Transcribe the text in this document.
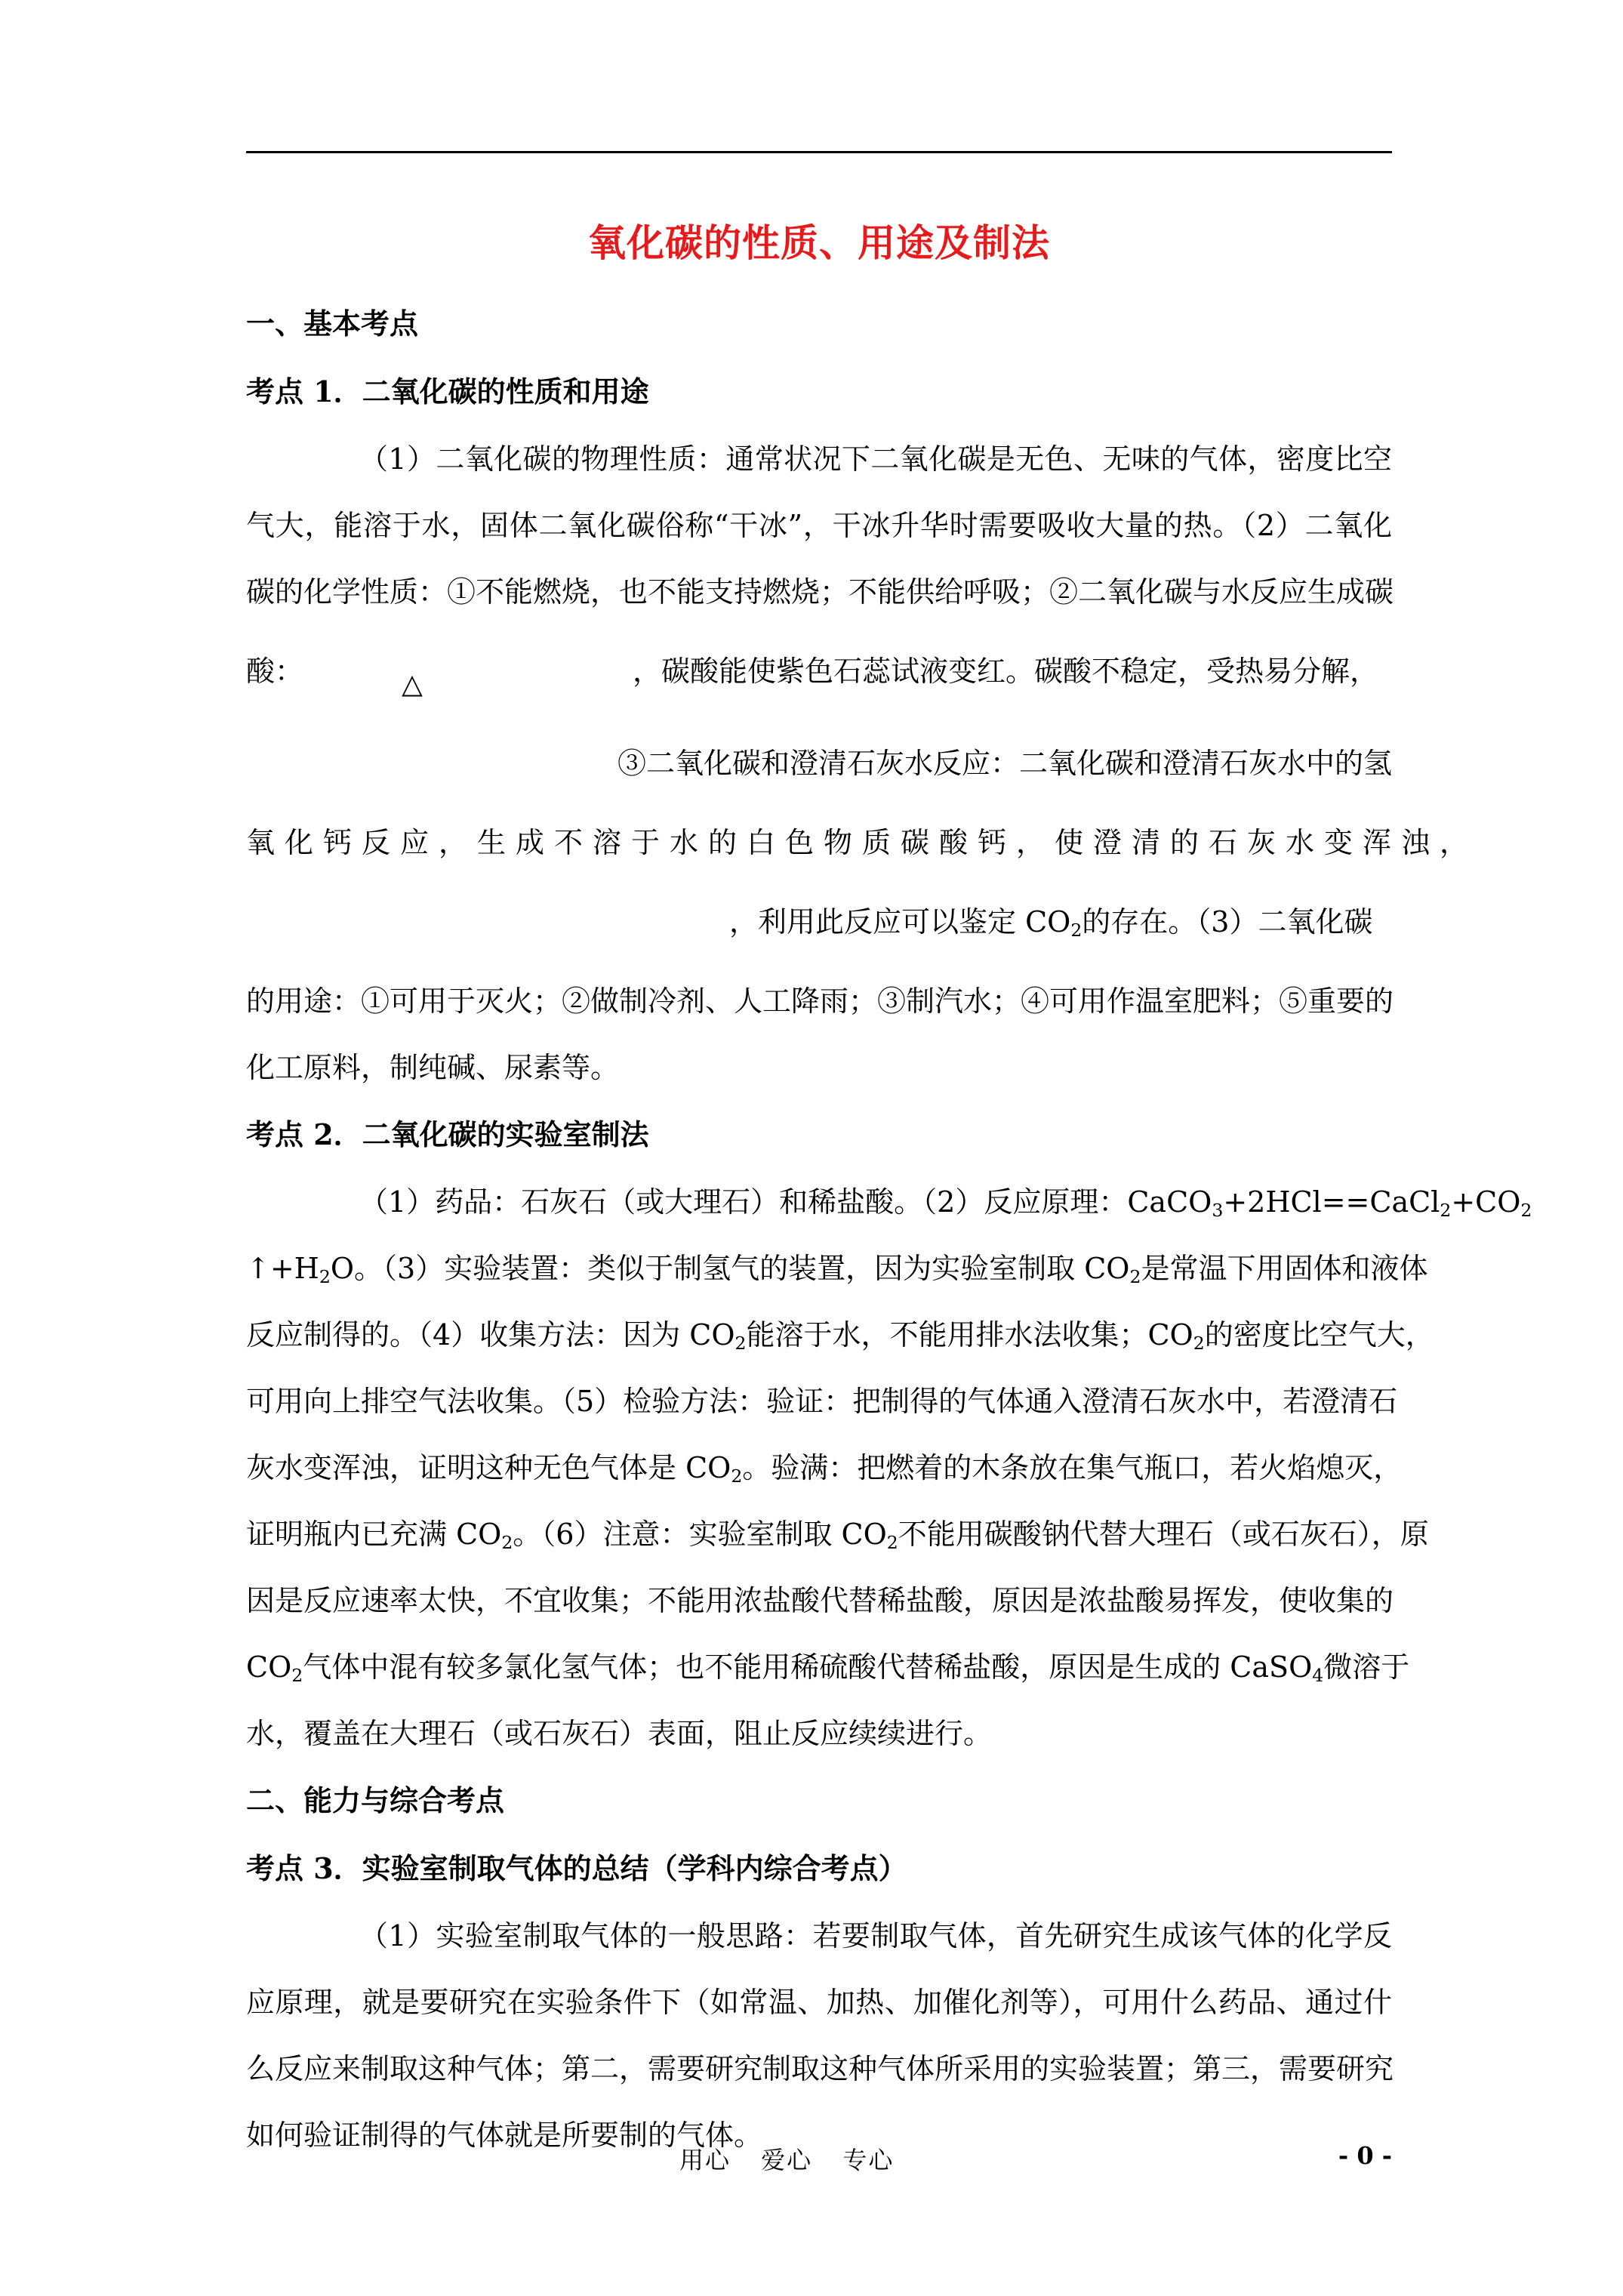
氧化碳的性质、用途及制法
一、基本考点
考点 1．二氧化碳的性质和用途
（1）二氧化碳的物理性质：通常状况下二氧化碳是无色、无味的气体，密度比空
气大，能溶于水，固体二氧化碳俗称“干冰”，干冰升华时需要吸收大量的热。（2）二氧化
碳的化学性质：①不能燃烧，也不能支持燃烧；不能供给呼吸；②二氧化碳与水反应生成碳
酸：	△	，碳酸能使紫色石蕊试液变红。碳酸不稳定，受热易分解，
③二氧化碳和澄清石灰水反应：二氧化碳和澄清石灰水中的氢
氧化钙反应，生成不溶于水的白色物质碳酸钙，使澄清的石灰水变浑浊，
，利用此反应可以鉴定 $CO_2$的存在。（3）二氧化碳
的用途：①可用于灭火；②做制冷剂、人工降雨；③制汽水；④可用作温室肥料；⑤重要的
化工原料，制纯碱、尿素等。
考点 2．二氧化碳的实验室制法
（1）药品：石灰石（或大理石）和稀盐酸。（2）反应原理：$CaCO_3+2HCl==CaCl_2+CO_2$
$↑+H_2O$。（3）实验装置：类似于制氢气的装置，因为实验室制取 $CO_2$是常温下用固体和液体
反应制得的。（4）收集方法：因为 $CO_2$能溶于水，不能用排水法收集；$CO_2$的密度比空气大，
可用向上排空气法收集。（5）检验方法：验证：把制得的气体通入澄清石灰水中，若澄清石
灰水变浑浊，证明这种无色气体是 $CO_2$。验满：把燃着的木条放在集气瓶口，若火焰熄灭，
证明瓶内已充满 $CO_2$。（6）注意：实验室制取 $CO_2$不能用碳酸钠代替大理石（或石灰石），原
因是反应速率太快，不宜收集；不能用浓盐酸代替稀盐酸，原因是浓盐酸易挥发，使收集的
$CO_2$气体中混有较多氯化氢气体；也不能用稀硫酸代替稀盐酸，原因是生成的 CaSO$_4$微溶于
水，覆盖在大理石（或石灰石）表面，阻止反应续续进行。
二、能力与综合考点
考点 3．实验室制取气体的总结（学科内综合考点）
（1）实验室制取气体的一般思路：若要制取气体，首先研究生成该气体的化学反
应原理，就是要研究在实验条件下（如常温、加热、加催化剂等），可用什么药品、通过什
么反应来制取这种气体；第二，需要研究制取这种气体所采用的实验装置；第三，需要研究
如何验证制得的气体就是所要制的气体。
用心 爱心 专心	- 0 -
